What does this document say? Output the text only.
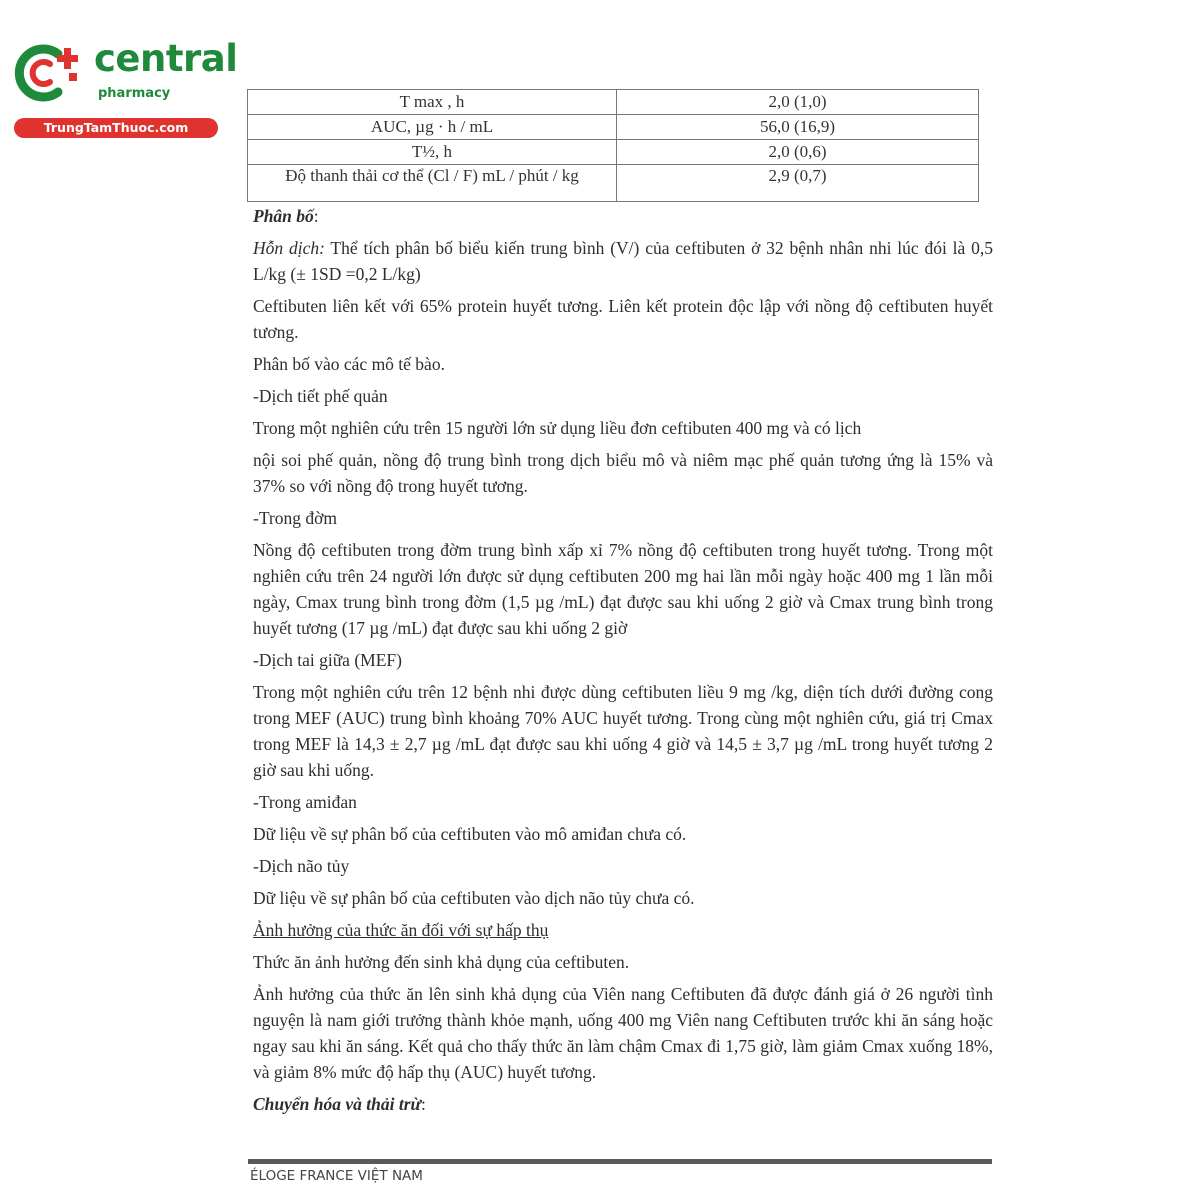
central
pharmacy
TrungTamThuoc.com
T max , h	2,0 (1,0)
AUC, µg · h / mL	56,0 (16,9)
T½, h	2,0 (0,6)
Độ thanh thải cơ thể (Cl / F) mL / phút / kg	2,9 (0,7)

Phân bố:

Hỗn dịch: Thể tích phân bố biểu kiến trung bình (V/) của ceftibuten ở 32 bệnh nhân nhi lúc đói là 0,5 L/kg (± 1SD =0,2 L/kg)

Ceftibuten liên kết với 65% protein huyết tương. Liên kết protein độc lập với nồng độ ceftibuten huyết tương.

Phân bố vào các mô tế bào.

-Dịch tiết phế quản

Trong một nghiên cứu trên 15 người lớn sử dụng liều đơn ceftibuten 400 mg và có lịch

nội soi phế quản, nồng độ trung bình trong dịch biểu mô và niêm mạc phế quản tương ứng là 15% và 37% so với nồng độ trong huyết tương.

-Trong đờm

Nồng độ ceftibuten trong đờm trung bình xấp xỉ 7% nồng độ ceftibuten trong huyết tương. Trong một nghiên cứu trên 24 người lớn được sử dụng ceftibuten 200 mg hai lần mỗi ngày hoặc 400 mg 1 lần mỗi ngày, Cmax trung bình trong đờm (1,5 µg /mL) đạt được sau khi uống 2 giờ và Cmax trung bình trong huyết tương (17 µg /mL) đạt được sau khi uống 2 giờ

-Dịch tai giữa (MEF)

Trong một nghiên cứu trên 12 bệnh nhi được dùng ceftibuten liều 9 mg /kg, diện tích dưới đường cong trong MEF (AUC) trung bình khoảng 70% AUC huyết tương. Trong cùng một nghiên cứu, giá trị Cmax trong MEF là 14,3 ± 2,7 µg /mL đạt được sau khi uống 4 giờ và 14,5 ± 3,7 µg /mL trong huyết tương 2 giờ sau khi uống.

-Trong amiđan

Dữ liệu về sự phân bố của ceftibuten vào mô amiđan chưa có.

-Dịch não tủy

Dữ liệu về sự phân bố của ceftibuten vào dịch não tủy chưa có.

Ảnh hưởng của thức ăn đối với sự hấp thụ

Thức ăn ảnh hưởng đến sinh khả dụng của ceftibuten.

Ảnh hưởng của thức ăn lên sinh khả dụng của Viên nang Ceftibuten đã được đánh giá ở 26 người tình nguyện là nam giới trưởng thành khỏe mạnh, uống 400 mg Viên nang Ceftibuten trước khi ăn sáng hoặc ngay sau khi ăn sáng. Kết quả cho thấy thức ăn làm chậm Cmax đi 1,75 giờ, làm giảm Cmax xuống 18%, và giảm 8% mức độ hấp thụ (AUC) huyết tương.

Chuyển hóa và thải trừ:

ÉLOGE FRANCE VIỆT NAM
